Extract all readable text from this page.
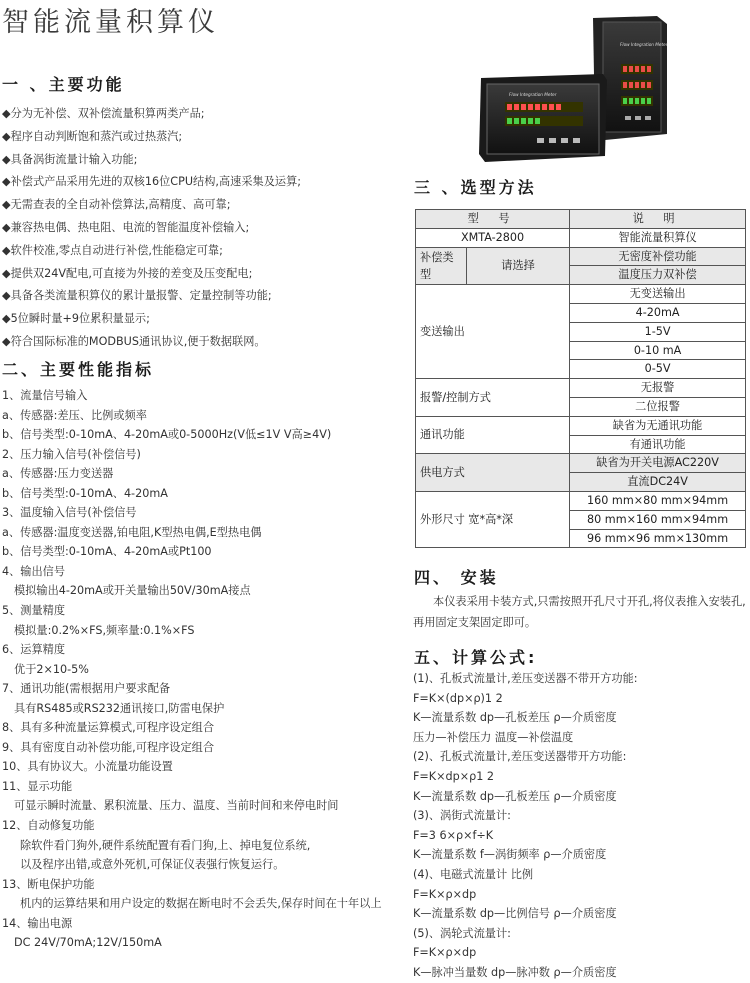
智能流量积算仪
一 、主要功能
◆分为无补偿、双补偿流量积算两类产品;
◆程序自动判断饱和蒸汽或过热蒸汽;
◆具备涡街流量计输入功能;
◆补偿式产品采用先进的双核16位CPU结构,高速采集及运算;
◆无需查表的全自动补偿算法,高精度、高可靠;
◆兼容热电偶、热电阻、电流的智能温度补偿输入;
◆软件校准,零点自动进行补偿,性能稳定可靠;
◆提供双24V配电,可直接为外接的差变及压变配电;
◆具备各类流量积算仪的累计量报警、定量控制等功能;
◆5位瞬时量+9位累积量显示;
◆符合国际标准的MODBUS通讯协议,便于数据联网。
二、主要性能指标
1、流量信号输入
a、传感器:差压、比例或频率
b、信号类型:0-10mA、4-20mA或0-5000Hz(V低≤1V V高≥4V)
2、压力输入信号(补偿信号)
a、传感器:压力变送器
b、信号类型:0-10mA、4-20mA
3、温度输入信号(补偿信号
a、传感器:温度变送器,铂电阻,K型热电偶,E型热电偶
b、信号类型:0-10mA、4-20mA或Pt100
4、输出信号
模拟输出4-20mA或开关量输出50V/30mA接点
5、测量精度
模拟量:0.2%×FS,频率量:0.1%×FS
6、运算精度
优于2×10-5%
7、通讯功能(需根据用户要求配备
具有RS485或RS232通讯接口,防雷电保护
8、具有多种流量运算模式,可程序设定组合
9、具有密度自动补偿功能,可程序设定组合
10、具有协议大。小流量功能设置
11、显示功能
可显示瞬时流量、累积流量、压力、温度、当前时间和来停电时间
12、自动修复功能
除软件看门狗外,硬件系统配置有看门狗,上、掉电复位系统,
以及程序出错,或意外死机,可保证仪表强行恢复运行。
13、断电保护功能
机内的运算结果和用户设定的数据在断电时不会丢失,保存时间在十年以上
14、输出电源
DC 24V/70mA;12V/150mA
Flow Integration Meter
Flow Integration Meter
三 、选型方法
型 号		说 明
XMTA-2800		智能流量积算仪
补偿类型	请选择	无密度补偿功能
		温度压力双补偿
变送输出		无变送输出
		4-20mA
		1-5V
		0-10 mA
		0-5V
报警/控制方式		无报警
		二位报警
通讯功能		缺省为无通讯功能
		有通讯功能
供电方式		缺省为开关电源AC220V
		直流DC24V
外形尺寸 宽*高*深		160 mm×80 mm×94mm
		80 mm×160 mm×94mm
		96 mm×96 mm×130mm
四、 安装

本仪表采用卡装方式,只需按照开孔尺寸开孔,将仪表推入安装孔,再用固定支架固定即可。

五、计算公式:
(1)、孔板式流量计,差压变送器不带开方功能:
F=K×(dp×ρ)1 2
K—流量系数 dp—孔板差压 ρ—介质密度
压力—补偿压力 温度—补偿温度
(2)、孔板式流量计,差压变送器带开方功能:
F=K×dp×ρ1 2
K—流量系数 dp—孔板差压 ρ—介质密度
(3)、涡街式流量计:
F=3 6×ρ×f÷K
K—流量系数 f—涡街频率 ρ—介质密度
(4)、电磁式流量计 比例
F=K×ρ×dp
K—流量系数 dp—比例信号 ρ—介质密度
(5)、涡轮式流量计:
F=K×ρ×dp
K—脉冲当量数 dp—脉冲数 ρ—介质密度
